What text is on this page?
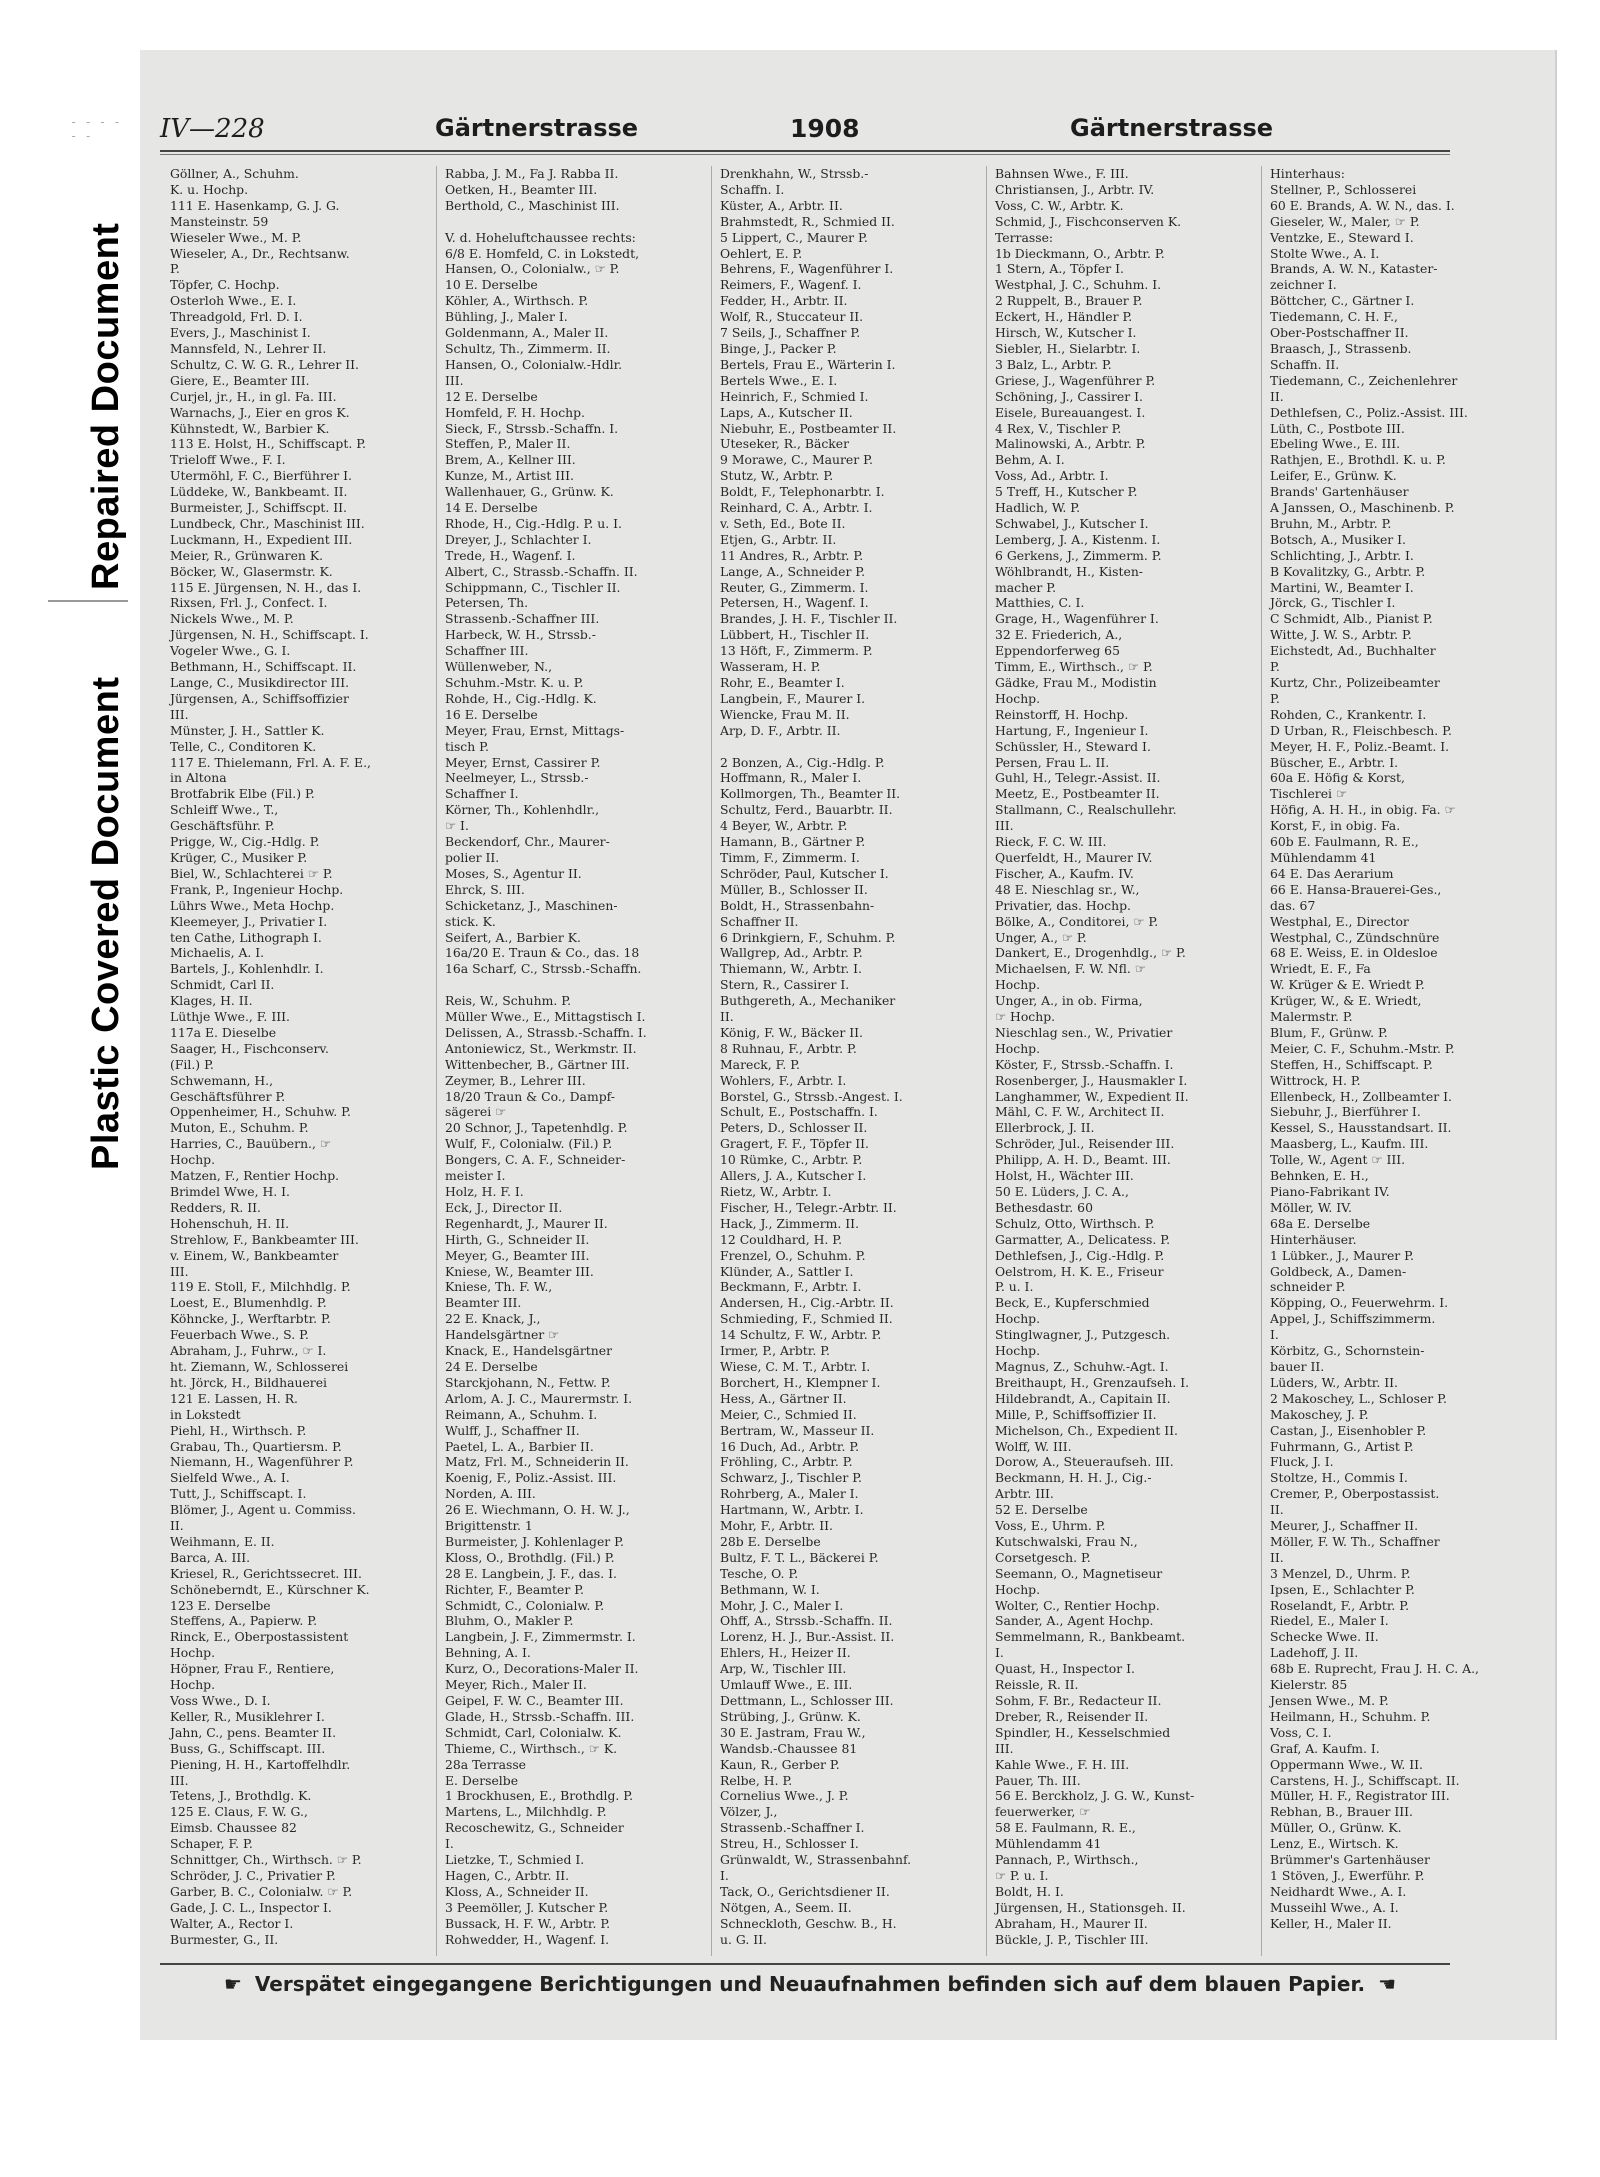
- - - - - -
Repaired Document
Plastic Covered Document
IV—228	Gärtnerstrasse	1908	Gärtnerstrasse
Göllner, A., Schuhm.
K. u. Hochp.
111 E. Hasenkamp, G. J. G.
Mansteinstr. 59
Wieseler Wwe., M. P.
Wieseler, A., Dr., Rechtsanw.
P.
Töpfer, C. Hochp.
Osterloh Wwe., E. I.
Threadgold, Frl. D. I.
Evers, J., Maschinist I.
Mannsfeld, N., Lehrer II.
Schultz, C. W. G. R., Lehrer II.
Giere, E., Beamter III.
Curjel, jr., H., in gl. Fa. III.
Warnachs, J., Eier en gros K.
Kühnstedt, W., Barbier K.
113 E. Holst, H., Schiffscapt. P.
Trieloff Wwe., F. I.
Utermöhl, F. C., Bierführer I.
Lüddeke, W., Bankbeamt. II.
Burmeister, J., Schiffscpt. II.
Lundbeck, Chr., Maschinist III.
Luckmann, H., Expedient III.
Meier, R., Grünwaren K.
Böcker, W., Glasermstr. K.
115 E. Jürgensen, N. H., das I.
Rixsen, Frl. J., Confect. I.
Nickels Wwe., M. P.
Jürgensen, N. H., Schiffscapt. I.
Vogeler Wwe., G. I.
Bethmann, H., Schiffscapt. II.
Lange, C., Musikdirector III.
Jürgensen, A., Schiffsoffizier
III.
Münster, J. H., Sattler K.
Telle, C., Conditoren K.
117 E. Thielemann, Frl. A. F. E.,
in Altona
Brotfabrik Elbe (Fil.) P.
Schleiff Wwe., T.,
Geschäftsführ. P.
Prigge, W., Cig.-Hdlg. P.
Krüger, C., Musiker P.
Biel, W., Schlachterei ☞ P.
Frank, P., Ingenieur Hochp.
Lührs Wwe., Meta Hochp.
Kleemeyer, J., Privatier I.
ten Cathe, Lithograph I.
Michaelis, A. I.
Bartels, J., Kohlenhdlr. I.
Schmidt, Carl II.
Klages, H. II.
Lüthje Wwe., F. III.
117a E. Dieselbe
Saager, H., Fischconserv.
(Fil.) P.
Schwemann, H.,
Geschäftsführer P.
Oppenheimer, H., Schuhw. P.
Muton, E., Schuhm. P.
Harries, C., Bauübern., ☞
Hochp.
Matzen, F., Rentier Hochp.
Brimdel Wwe, H. I.
Redders, R. II.
Hohenschuh, H. II.
Strehlow, F., Bankbeamter III.
v. Einem, W., Bankbeamter
III.
119 E. Stoll, F., Milchhdlg. P.
Loest, E., Blumenhdlg. P.
Köhncke, J., Werftarbtr. P.
Feuerbach Wwe., S. P.
Abraham, J., Fuhrw., ☞ I.
ht. Ziemann, W., Schlosserei
ht. Jörck, H., Bildhauerei
121 E. Lassen, H. R.
in Lokstedt
Piehl, H., Wirthsch. P.
Grabau, Th., Quartiersm. P.
Niemann, H., Wagenführer P.
Sielfeld Wwe., A. I.
Tutt, J., Schiffscapt. I.
Blömer, J., Agent u. Commiss.
II.
Weihmann, E. II.
Barca, A. III.
Kriesel, R., Gerichtssecret. III.
Schöneberndt, E., Kürschner K.
123 E. Derselbe
Steffens, A., Papierw. P.
Rinck, E., Oberpostassistent
Hochp.
Höpner, Frau F., Rentiere,
Hochp.
Voss Wwe., D. I.
Keller, R., Musiklehrer I.
Jahn, C., pens. Beamter II.
Buss, G., Schiffscapt. III.
Piening, H. H., Kartoffelhdlr.
III.
Tetens, J., Brothdlg. K.
125 E. Claus, F. W. G.,
Eimsb. Chaussee 82
Schaper, F. P.
Schnittger, Ch., Wirthsch. ☞ P.
Schröder, J. C., Privatier P.
Garber, B. C., Colonialw. ☞ P.
Gade, J. C. L., Inspector I.
Walter, A., Rector I.
Burmester, G., II.
Rabba, J. M., Fa J. Rabba II.
Oetken, H., Beamter III.
Berthold, C., Maschinist III.

V. d. Hoheluftchaussee rechts:
6/8 E. Homfeld, C. in Lokstedt,
Hansen, O., Colonialw., ☞ P.
10 E. Derselbe
Köhler, A., Wirthsch. P.
Bühling, J., Maler I.
Goldenmann, A., Maler II.
Schultz, Th., Zimmerm. II.
Hansen, O., Colonialw.-Hdlr.
III.
12 E. Derselbe
Homfeld, F. H. Hochp.
Sieck, F., Strssb.-Schaffn. I.
Steffen, P., Maler II.
Brem, A., Kellner III.
Kunze, M., Artist III.
Wallenhauer, G., Grünw. K.
14 E. Derselbe
Rhode, H., Cig.-Hdlg. P. u. I.
Dreyer, J., Schlachter I.
Trede, H., Wagenf. I.
Albert, C., Strassb.-Schaffn. II.
Schippmann, C., Tischler II.
Petersen, Th.
Strassenb.-Schaffner III.
Harbeck, W. H., Strssb.-
Schaffner III.
Wüllenweber, N.,
Schuhm.-Mstr. K. u. P.
Rohde, H., Cig.-Hdlg. K.
16 E. Derselbe
Meyer, Frau, Ernst, Mittags-
tisch P.
Meyer, Ernst, Cassirer P.
Neelmeyer, L., Strssb.-
Schaffner I.
Körner, Th., Kohlenhdlr.,
☞ I.
Beckendorf, Chr., Maurer-
polier II.
Moses, S., Agentur II.
Ehrck, S. III.
Schicketanz, J., Maschinen-
stick. K.
Seifert, A., Barbier K.
16a/20 E. Traun & Co., das. 18
16a Scharf, C., Strssb.-Schaffn.

Reis, W., Schuhm. P.
Müller Wwe., E., Mittagstisch I.
Delissen, A., Strassb.-Schaffn. I.
Antoniewicz, St., Werkmstr. II.
Wittenbecher, B., Gärtner III.
Zeymer, B., Lehrer III.
18/20 Traun & Co., Dampf-
sägerei ☞
20 Schnor, J., Tapetenhdlg. P.
Wulf, F., Colonialw. (Fil.) P.
Bongers, C. A. F., Schneider-
meister I.
Holz, H. F. I.
Eck, J., Director II.
Regenhardt, J., Maurer II.
Hirth, G., Schneider II.
Meyer, G., Beamter III.
Kniese, W., Beamter III.
Kniese, Th. F. W.,
Beamter III.
22 E. Knack, J.,
Handelsgärtner ☞
Knack, E., Handelsgärtner
24 E. Derselbe
Starckjohann, N., Fettw. P.
Arlom, A. J. C., Maurermstr. I.
Reimann, A., Schuhm. I.
Wulff, J., Schaffner II.
Paetel, L. A., Barbier II.
Matz, Frl. M., Schneiderin II.
Koenig, F., Poliz.-Assist. III.
Norden, A. III.
26 E. Wiechmann, O. H. W. J.,
Brigittenstr. 1
Burmeister, J. Kohlenlager P.
Kloss, O., Brothdlg. (Fil.) P.
28 E. Langbein, J. F., das. I.
Richter, F., Beamter P.
Schmidt, C., Colonialw. P.
Bluhm, O., Makler P.
Langbein, J. F., Zimmermstr. I.
Behning, A. I.
Kurz, O., Decorations-Maler II.
Meyer, Rich., Maler II.
Geipel, F. W. C., Beamter III.
Glade, H., Strssb.-Schaffn. III.
Schmidt, Carl, Colonialw. K.
Thieme, C., Wirthsch., ☞ K.
28a Terrasse
E. Derselbe
1 Brockhusen, E., Brothdlg. P.
Martens, L., Milchhdlg. P.
Recoschewitz, G., Schneider
I.
Lietzke, T., Schmied I.
Hagen, C., Arbtr. II.
Kloss, A., Schneider II.
3 Peemöller, J. Kutscher P.
Bussack, H. F. W., Arbtr. P.
Rohwedder, H., Wagenf. I.
Drenkhahn, W., Strssb.-
Schaffn. I.
Küster, A., Arbtr. II.
Brahmstedt, R., Schmied II.
5 Lippert, C., Maurer P.
Oehlert, E. P.
Behrens, F., Wagenführer I.
Reimers, F., Wagenf. I.
Fedder, H., Arbtr. II.
Wolf, R., Stuccateur II.
7 Seils, J., Schaffner P.
Binge, J., Packer P.
Bertels, Frau E., Wärterin I.
Bertels Wwe., E. I.
Heinrich, F., Schmied I.
Laps, A., Kutscher II.
Niebuhr, E., Postbeamter II.
Uteseker, R., Bäcker
9 Morawe, C., Maurer P.
Stutz, W., Arbtr. P.
Boldt, F., Telephonarbtr. I.
Reinhard, C. A., Arbtr. I.
v. Seth, Ed., Bote II.
Etjen, G., Arbtr. II.
11 Andres, R., Arbtr. P.
Lange, A., Schneider P.
Reuter, G., Zimmerm. I.
Petersen, H., Wagenf. I.
Brandes, J. H. F., Tischler II.
Lübbert, H., Tischler II.
13 Höft, F., Zimmerm. P.
Wasseram, H. P.
Rohr, E., Beamter I.
Langbein, F., Maurer I.
Wiencke, Frau M. II.
Arp, D. F., Arbtr. II.

2 Bonzen, A., Cig.-Hdlg. P.
Hoffmann, R., Maler I.
Kollmorgen, Th., Beamter II.
Schultz, Ferd., Bauarbtr. II.
4 Beyer, W., Arbtr. P.
Hamann, B., Gärtner P.
Timm, F., Zimmerm. I.
Schröder, Paul, Kutscher I.
Müller, B., Schlosser II.
Boldt, H., Strassenbahn-
Schaffner II.
6 Drinkgiern, F., Schuhm. P.
Wallgrep, Ad., Arbtr. P.
Thiemann, W., Arbtr. I.
Stern, R., Cassirer I.
Buthgereth, A., Mechaniker
II.
König, F. W., Bäcker II.
8 Ruhnau, F., Arbtr. P.
Mareck, F. P.
Wohlers, F., Arbtr. I.
Borstel, G., Strssb.-Angest. I.
Schult, E., Postschaffn. I.
Peters, D., Schlosser II.
Gragert, F. F., Töpfer II.
10 Rümke, C., Arbtr. P.
Allers, J. A., Kutscher I.
Rietz, W., Arbtr. I.
Fischer, H., Telegr.-Arbtr. II.
Hack, J., Zimmerm. II.
12 Couldhard, H. P.
Frenzel, O., Schuhm. P.
Klünder, A., Sattler I.
Beckmann, F., Arbtr. I.
Andersen, H., Cig.-Arbtr. II.
Schmieding, F., Schmied II.
14 Schultz, F. W., Arbtr. P.
Irmer, P., Arbtr. P.
Wiese, C. M. T., Arbtr. I.
Borchert, H., Klempner I.
Hess, A., Gärtner II.
Meier, C., Schmied II.
Bertram, W., Masseur II.
16 Duch, Ad., Arbtr. P.
Fröhling, C., Arbtr. P.
Schwarz, J., Tischler P.
Rohrberg, A., Maler I.
Hartmann, W., Arbtr. I.
Mohr, F., Arbtr. II.
28b E. Derselbe
Bultz, F. T. L., Bäckerei P.
Tesche, O. P.
Bethmann, W. I.
Mohr, J. C., Maler I.
Ohff, A., Strssb.-Schaffn. II.
Lorenz, H. J., Bur.-Assist. II.
Ehlers, H., Heizer II.
Arp, W., Tischler III.
Umlauff Wwe., E. III.
Dettmann, L., Schlosser III.
Strübing, J., Grünw. K.
30 E. Jastram, Frau W.,
Wandsb.-Chaussee 81
Kaun, R., Gerber P.
Relbe, H. P.
Cornelius Wwe., J. P.
Völzer, J.,
Strassenb.-Schaffner I.
Streu, H., Schlosser I.
Grünwaldt, W., Strassenbahnf.
I.
Tack, O., Gerichtsdiener II.
Nötgen, A., Seem. II.
Schneckloth, Geschw. B., H.
u. G. II.
Bahnsen Wwe., F. III.
Christiansen, J., Arbtr. IV.
Voss, C. W., Arbtr. K.
Schmid, J., Fischconserven K.
Terrasse:
1b Dieckmann, O., Arbtr. P.
1 Stern, A., Töpfer I.
Westphal, J. C., Schuhm. I.
2 Ruppelt, B., Brauer P.
Eckert, H., Händler P.
Hirsch, W., Kutscher I.
Siebler, H., Sielarbtr. I.
3 Balz, L., Arbtr. P.
Griese, J., Wagenführer P.
Schöning, J., Cassirer I.
Eisele, Bureauangest. I.
4 Rex, V., Tischler P.
Malinowski, A., Arbtr. P.
Behm, A. I.
Voss, Ad., Arbtr. I.
5 Treff, H., Kutscher P.
Hadlich, W. P.
Schwabel, J., Kutscher I.
Lemberg, J. A., Kistenm. I.
6 Gerkens, J., Zimmerm. P.
Wöhlbrandt, H., Kisten-
macher P.
Matthies, C. I.
Grage, H., Wagenführer I.
32 E. Friederich, A.,
Eppendorferweg 65
Timm, E., Wirthsch., ☞ P.
Gädke, Frau M., Modistin
Hochp.
Reinstorff, H. Hochp.
Hartung, F., Ingenieur I.
Schüssler, H., Steward I.
Persen, Frau L. II.
Guhl, H., Telegr.-Assist. II.
Meetz, E., Postbeamter II.
Stallmann, C., Realschullehr.
III.
Rieck, F. C. W. III.
Querfeldt, H., Maurer IV.
Fischer, A., Kaufm. IV.
48 E. Nieschlag sr., W.,
Privatier, das. Hochp.
Bölke, A., Conditorei, ☞ P.
Unger, A., ☞ P.
Dankert, E., Drogenhdlg., ☞ P.
Michaelsen, F. W. Nfl. ☞
Hochp.
Unger, A., in ob. Firma,
☞ Hochp.
Nieschlag sen., W., Privatier
Hochp.
Köster, F., Strssb.-Schaffn. I.
Rosenberger, J., Hausmakler I.
Langhammer, W., Expedient II.
Mähl, C. F. W., Architect II.
Ellerbrock, J. II.
Schröder, Jul., Reisender III.
Philipp, A. H. D., Beamt. III.
Holst, H., Wächter III.
50 E. Lüders, J. C. A.,
Bethesdastr. 60
Schulz, Otto, Wirthsch. P.
Garmatter, A., Delicatess. P.
Dethlefsen, J., Cig.-Hdlg. P.
Oelstrom, H. K. E., Friseur
P. u. I.
Beck, E., Kupferschmied
Hochp.
Stinglwagner, J., Putzgesch.
Hochp.
Magnus, Z., Schuhw.-Agt. I.
Breithaupt, H., Grenzaufseh. I.
Hildebrandt, A., Capitain II.
Mille, P., Schiffsoffizier II.
Michelson, Ch., Expedient II.
Wolff, W. III.
Dorow, A., Steueraufseh. III.
Beckmann, H. H. J., Cig.-
Arbtr. III.
52 E. Derselbe
Voss, E., Uhrm. P.
Kutschwalski, Frau N.,
Corsetgesch. P.
Seemann, O., Magnetiseur
Hochp.
Wolter, C., Rentier Hochp.
Sander, A., Agent Hochp.
Semmelmann, R., Bankbeamt.
I.
Quast, H., Inspector I.
Reissle, R. II.
Sohm, F. Br., Redacteur II.
Dreber, R., Reisender II.
Spindler, H., Kesselschmied
III.
Kahle Wwe., F. H. III.
Pauer, Th. III.
56 E. Berckholz, J. G. W., Kunst-
feuerwerker, ☞
58 E. Faulmann, R. E.,
Mühlendamm 41
Pannach, P., Wirthsch.,
☞ P. u. I.
Boldt, H. I.
Jürgensen, H., Stationsgeh. II.
Abraham, H., Maurer II.
Bückle, J. P., Tischler III.
Hinterhaus:
Stellner, P., Schlosserei
60 E. Brands, A. W. N., das. I.
Gieseler, W., Maler, ☞ P.
Ventzke, E., Steward I.
Stolte Wwe., A. I.
Brands, A. W. N., Kataster-
zeichner I.
Böttcher, C., Gärtner I.
Tiedemann, C. H. F.,
Ober-Postschaffner II.
Braasch, J., Strassenb.
Schaffn. II.
Tiedemann, C., Zeichenlehrer
II.
Dethlefsen, C., Poliz.-Assist. III.
Lüth, C., Postbote III.
Ebeling Wwe., E. III.
Rathjen, E., Brothdl. K. u. P.
Leifer, E., Grünw. K.
Brands' Gartenhäuser
A Janssen, O., Maschinenb. P.
Bruhn, M., Arbtr. P.
Botsch, A., Musiker I.
Schlichting, J., Arbtr. I.
B Kovalitzky, G., Arbtr. P.
Martini, W., Beamter I.
Jörck, G., Tischler I.
C Schmidt, Alb., Pianist P.
Witte, J. W. S., Arbtr. P.
Eichstedt, Ad., Buchhalter
P.
Kurtz, Chr., Polizeibeamter
P.
Rohden, C., Krankentr. I.
D Urban, R., Fleischbesch. P.
Meyer, H. F., Poliz.-Beamt. I.
Büscher, E., Arbtr. I.
60a E. Höfig & Korst,
Tischlerei ☞
Höfig, A. H. H., in obig. Fa. ☞
Korst, F., in obig. Fa.
60b E. Faulmann, R. E.,
Mühlendamm 41
64 E. Das Aerarium
66 E. Hansa-Brauerei-Ges.,
das. 67
Westphal, E., Director
Westphal, C., Zündschnüre
68 E. Weiss, E. in Oldesloe
Wriedt, E. F., Fa
W. Krüger & E. Wriedt P.
Krüger, W., & E. Wriedt,
Malermstr. P.
Blum, F., Grünw. P.
Meier, C. F., Schuhm.-Mstr. P.
Steffen, H., Schiffscapt. P.
Wittrock, H. P.
Ellenbeck, H., Zollbeamter I.
Siebuhr, J., Bierführer I.
Kessel, S., Hausstandsart. II.
Maasberg, L., Kaufm. III.
Tolle, W., Agent ☞ III.
Behnken, E. H.,
Piano-Fabrikant IV.
Möller, W. IV.
68a E. Derselbe
Hinterhäuser.
1 Lübker., J., Maurer P.
Goldbeck, A., Damen-
schneider P.
Köpping, O., Feuerwehrm. I.
Appel, J., Schiffszimmerm.
I.
Körbitz, G., Schornstein-
bauer II.
Lüders, W., Arbtr. II.
2 Makoschey, L., Schloser P.
Makoschey, J. P.
Castan, J., Eisenhobler P.
Fuhrmann, G., Artist P.
Fluck, J. I.
Stoltze, H., Commis I.
Cremer, P., Oberpostassist.
II.
Meurer, J., Schaffner II.
Möller, F. W. Th., Schaffner
II.
3 Menzel, D., Uhrm. P.
Ipsen, E., Schlachter P.
Roselandt, F., Arbtr. P.
Riedel, E., Maler I.
Schecke Wwe. II.
Ladehoff, J. II.
68b E. Ruprecht, Frau J. H. C. A.,
Kielerstr. 85
Jensen Wwe., M. P.
Heilmann, H., Schuhm. P.
Voss, C. I.
Graf, A. Kaufm. I.
Oppermann Wwe., W. II.
Carstens, H. J., Schiffscapt. II.
Müller, H. F., Registrator III.
Rebhan, B., Brauer III.
Müller, O., Grünw. K.
Lenz, E., Wirtsch. K.
Brümmer's Gartenhäuser
1 Stöven, J., Ewerführ. P.
Neidhardt Wwe., A. I.
Musseihl Wwe., A. I.
Keller, H., Maler II.
☛ Verspätet eingegangene Berichtigungen und Neuaufnahmen befinden sich auf dem blauen Papier. ☚
